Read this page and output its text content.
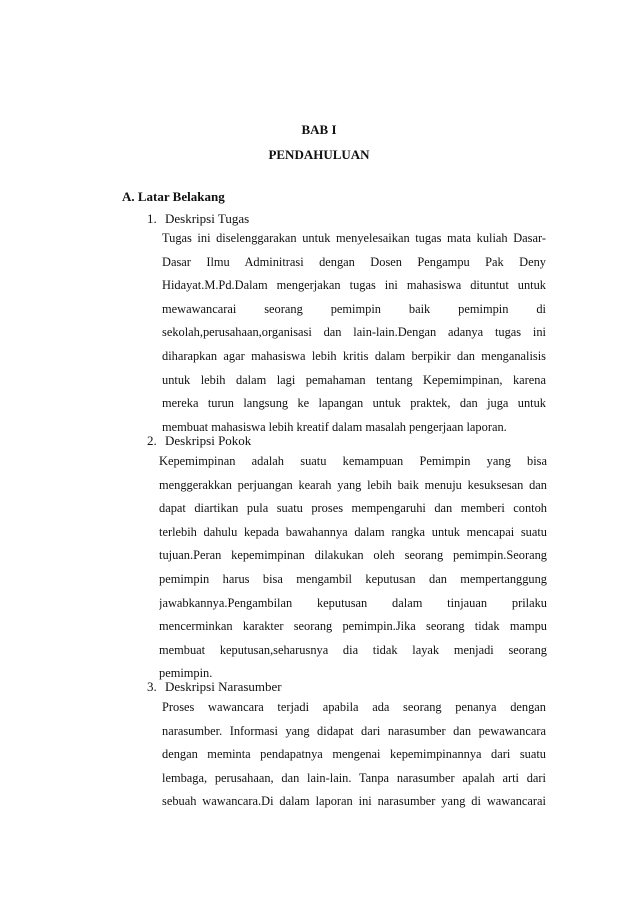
BAB I
PENDAHULUAN
A. Latar Belakang
1. Deskripsi Tugas
Tugas ini diselenggarakan untuk menyelesaikan tugas mata kuliah Dasar-
Dasar Ilmu Adminitrasi dengan Dosen Pengampu Pak Deny
Hidayat.M.Pd.Dalam mengerjakan tugas ini mahasiswa dituntut untuk
mewawancarai seorang pemimpin baik pemimpin di
sekolah,perusahaan,organisasi dan lain-lain.Dengan adanya tugas ini
diharapkan agar mahasiswa lebih kritis dalam berpikir dan menganalisis
untuk lebih dalam lagi pemahaman tentang Kepemimpinan, karena
mereka turun langsung ke lapangan untuk praktek, dan juga untuk
membuat mahasiswa lebih kreatif dalam masalah pengerjaan laporan.
2. Deskripsi Pokok
Kepemimpinan adalah suatu kemampuan Pemimpin yang bisa
menggerakkan perjuangan kearah yang lebih baik menuju kesuksesan dan
dapat diartikan pula suatu proses mempengaruhi dan memberi contoh
terlebih dahulu kepada bawahannya dalam rangka untuk mencapai suatu
tujuan.Peran kepemimpinan dilakukan oleh seorang pemimpin.Seorang
pemimpin harus bisa mengambil keputusan dan mempertanggung
jawabkannya.Pengambilan keputusan dalam tinjauan prilaku
mencerminkan karakter seorang pemimpin.Jika seorang tidak mampu
membuat keputusan,seharusnya dia tidak layak menjadi seorang
pemimpin.
3. Deskripsi Narasumber
Proses wawancara terjadi apabila ada seorang penanya dengan
narasumber. Informasi yang didapat dari narasumber dan pewawancara
dengan meminta pendapatnya mengenai kepemimpinannya dari suatu
lembaga, perusahaan, dan lain-lain. Tanpa narasumber apalah arti dari
sebuah wawancara.Di dalam laporan ini narasumber yang di wawancarai
